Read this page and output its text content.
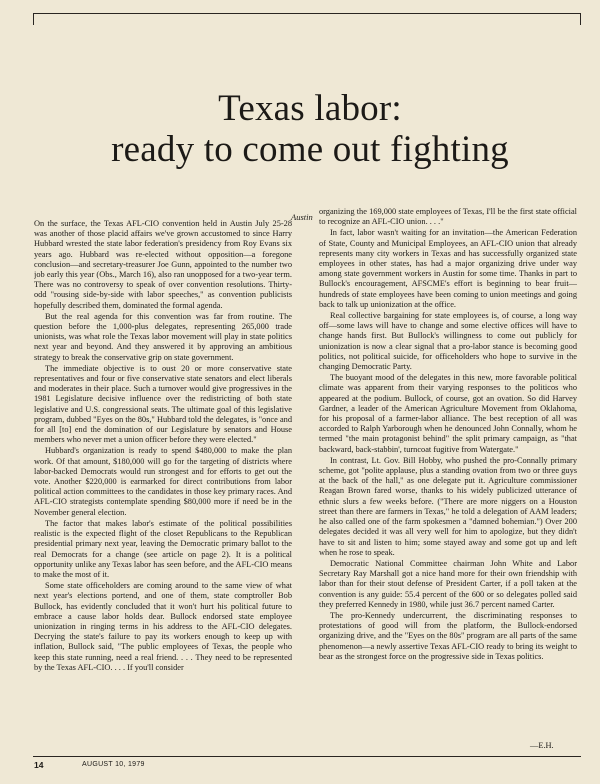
Texas labor:
ready to come out fighting

On the surface, the Texas AFL-CIO convention held in Austin July 25-28 was another of those placid affairs we've grown accustomed to since Harry Hubbard wrested the state labor federation's presidency from Roy Evans six years ago. Hubbard was re-elected without opposition—a foregone conclusion—and secretary-treasurer Joe Gunn, appointed to the number two job early this year (Obs., March 16), also ran unopposed for a two-year term. There was no controversy to speak of over convention resolutions. Thirty-odd "rousing side-by-side with labor speeches," as convention publicists hopefully described them, dominated the formal agenda.

But the real agenda for this convention was far from routine. The question before the 1,000-plus delegates, representing 265,000 trade unionists, was what role the Texas labor movement will play in state politics next year and beyond. And they answered it by approving an ambitious strategy to break the conservative grip on state government.

The immediate objective is to oust 20 or more conservative state representatives and four or five conservative state senators and elect liberals and moderates in their place. Such a turnover would give progressives in the 1981 Legislature decisive influence over the redistricting of both state legislative and U.S. congressional seats. The ultimate goal of this legislative program, dubbed "Eyes on the 80s," Hubbard told the delegates, is "once and for all [to] end the domination of our Legislature by senators and House members who never met a union officer before they were elected."

Hubbard's organization is ready to spend $480,000 to make the plan work. Of that amount, $180,000 will go for the targeting of districts where labor-backed Democrats would run strongest and for efforts to get out the vote. Another $220,000 is earmarked for direct contributions from labor political action committees to the candidates in those key primary races. And AFL-CIO strategists contemplate spending $80,000 more if need be in the November general election.

The factor that makes labor's estimate of the political possibilities realistic is the expected flight of the closet Republicans to the Republican presidential primary next year, leaving the Democratic primary ballot to the real Democrats for a change (see article on page 2). It is a political opportunity unlike any Texas labor has seen before, and the AFL-CIO means to make the most of it.

Some state officeholders are coming around to the same view of what next year's elections portend, and one of them, state comptroller Bob Bullock, has evidently concluded that it won't hurt his political future to embrace a cause labor holds dear. Bullock endorsed state employee unionization in ringing terms in his address to the AFL-CIO delegates. Decrying the state's failure to pay its workers enough to keep up with inflation, Bullock said, "The public employees of Texas, the people who keep this state running, need a real friend. . . . They need to be represented by the Texas AFL-CIO. . . . If you'll consider

Austin

organizing the 169,000 state employees of Texas, I'll be the first state official to recognize an AFL-CIO union. . . ."

In fact, labor wasn't waiting for an invitation—the American Federation of State, County and Municipal Employees, an AFL-CIO union that already represents many city workers in Texas and has successfully organized state employees in other states, has had a major organizing drive under way among state government workers in Austin for some time. Thanks in part to Bullock's encouragement, AFSCME's effort is beginning to bear fruit—hundreds of state employees have been coming to union meetings and going back to talk up unionization at the office.

Real collective bargaining for state employees is, of course, a long way off—some laws will have to change and some elective offices will have to change hands first. But Bullock's willingness to come out publicly for unionization is now a clear signal that a pro-labor stance is becoming good politics, not political suicide, for officeholders who hope to survive in the changing Democratic Party.

The buoyant mood of the delegates in this new, more favorable political climate was apparent from their varying responses to the politicos who appeared at the podium. Bullock, of course, got an ovation. So did Harvey Gardner, a leader of the American Agriculture Movement from Oklahoma, for his proposal of a farmer-labor alliance. The best reception of all was accorded to Ralph Yarborough when he denounced John Connally, whom he termed "the main protagonist behind" the split primary campaign, as "that backward, back-stabbin', turncoat fugitive from Watergate."

In contrast, Lt. Gov. Bill Hobby, who pushed the pro-Connally primary scheme, got "polite applause, plus a standing ovation from two or three guys at the back of the hall," as one delegate put it. Agriculture commissioner Reagan Brown fared worse, thanks to his widely publicized utterance of ethnic slurs a few weeks before. ("There are more niggers on a Houston street than there are farmers in Texas," he told a delegation of AAM leaders; he also called one of the farm spokesmen a "damned bohemian.") Over 200 delegates decided it was all very well for him to apologize, but they didn't have to sit and listen to him; some stayed away and some got up and left when he rose to speak.

Democratic National Committee chairman John White and Labor Secretary Ray Marshall got a nice hand more for their own friendship with labor than for their stout defense of President Carter, if a poll taken at the convention is any guide: 55.4 percent of the 600 or so delegates polled said they preferred Kennedy in 1980, while just 36.7 percent named Carter.

The pro-Kennedy undercurrent, the discriminating responses to protestations of good will from the platform, the Bullock-endorsed organizing drive, and the "Eyes on the 80s" program are all parts of the same phenomenon—a newly assertive Texas AFL-CIO ready to bring its weight to bear as the strongest force on the progressive side in Texas politics.

—E.H.
14	AUGUST 10, 1979
